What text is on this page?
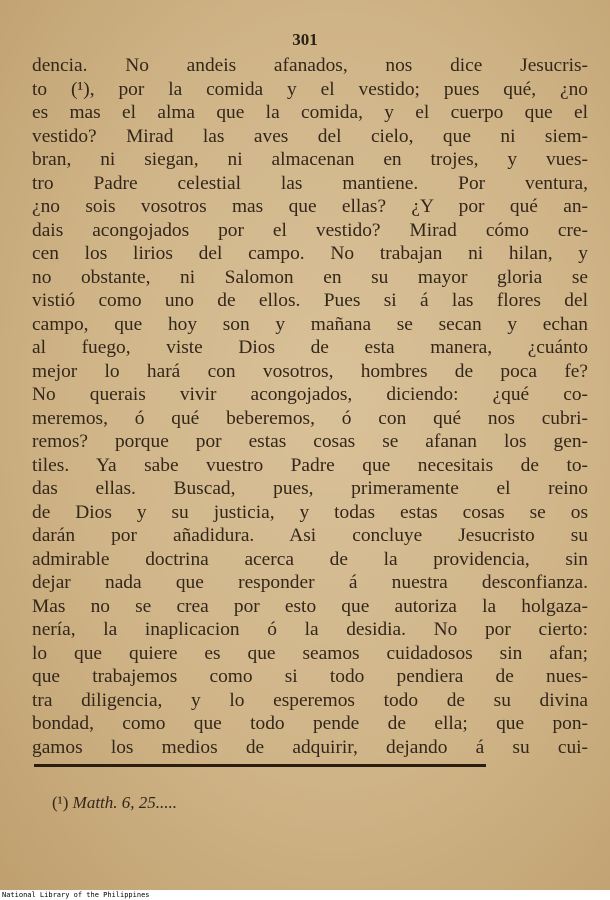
301
dencia. No andeis afanados, nos dice Jesucris-
to (¹), por la comida y el vestido; pues qué, ¿no
es mas el alma que la comida, y el cuerpo que el
vestido? Mirad las aves del cielo, que ni siem-
bran, ni siegan, ni almacenan en trojes, y vues-
tro Padre celestial las mantiene. Por ventura,
¿no sois vosotros mas que ellas? ¿Y por qué an-
dais acongojados por el vestido? Mirad cómo cre-
cen los lirios del campo. No trabajan ni hilan, y
no obstante, ni Salomon en su mayor gloria se
vistió como uno de ellos. Pues si á las flores del
campo, que hoy son y mañana se secan y echan
al fuego, viste Dios de esta manera, ¿cuánto
mejor lo hará con vosotros, hombres de poca fe?
No querais vivir acongojados, diciendo: ¿qué co-
meremos, ó qué beberemos, ó con qué nos cubri-
remos? porque por estas cosas se afanan los gen-
tiles. Ya sabe vuestro Padre que necesitais de to-
das ellas. Buscad, pues, primeramente el reino
de Dios y su justicia, y todas estas cosas se os
darán por añadidura. Asi concluye Jesucristo su
admirable doctrina acerca de la providencia, sin
dejar nada que responder á nuestra desconfianza.
Mas no se crea por esto que autoriza la holgaza-
nería, la inaplicacion ó la desidia. No por cierto:
lo que quiere es que seamos cuidadosos sin afan;
que trabajemos como si todo pendiera de nues-
tra diligencia, y lo esperemos todo de su divina
bondad, como que todo pende de ella; que pon-
gamos los medios de adquirir, dejando á su cui-
(¹) Matth. 6, 25.....
National Library of the Philippines
